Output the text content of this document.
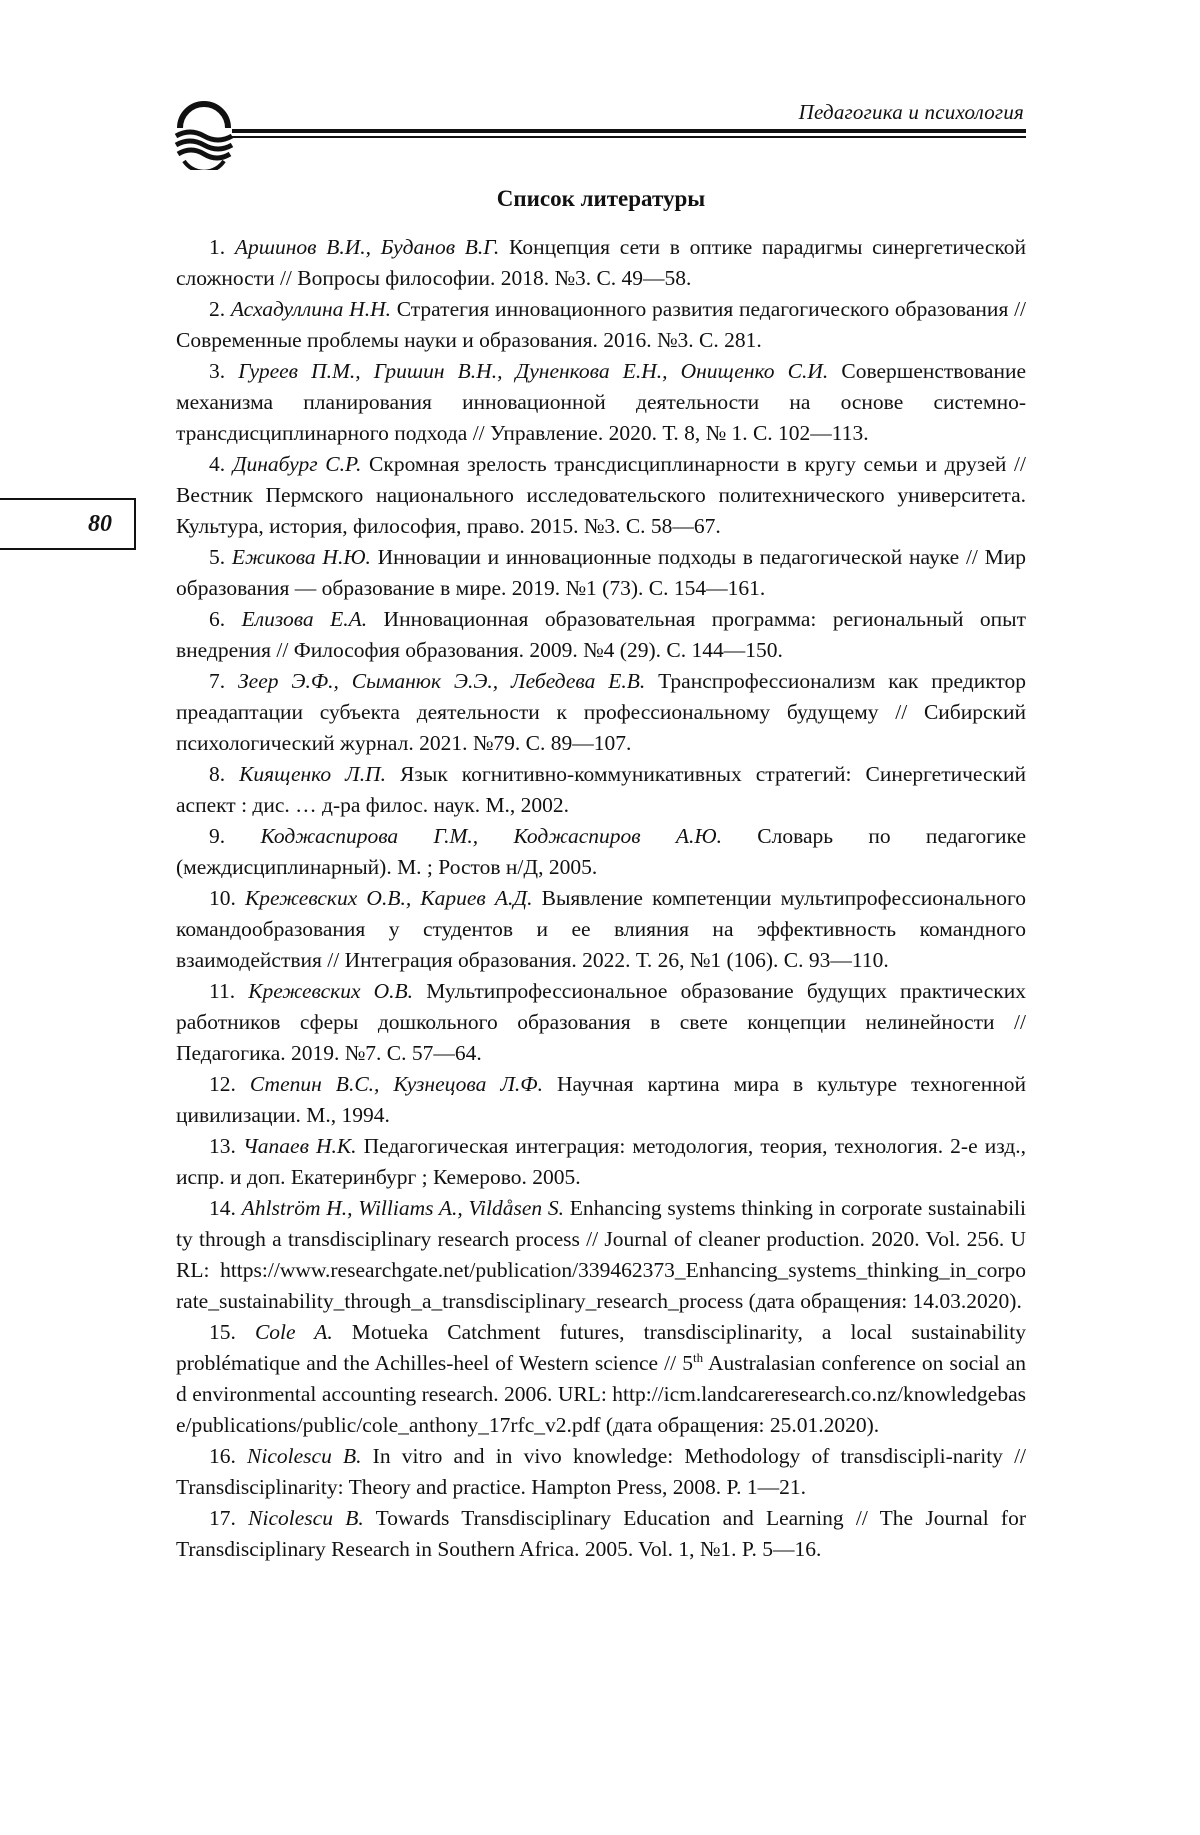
Педагогика и психология
80
Список литературы
1. Аршинов В.И., Буданов В.Г. Концепция сети в оптике парадигмы синергетической сложности // Вопросы философии. 2018. №3. С. 49—58.
2. Асхадуллина Н.Н. Стратегия инновационного развития педагогического образования // Современные проблемы науки и образования. 2016. №3. С. 281.
3. Гуреев П.М., Гришин В.Н., Дуненкова Е.Н., Онищенко С.И. Совершенствование механизма планирования инновационной деятельности на основе системно-трансдисциплинарного подхода // Управление. 2020. Т. 8, № 1. С. 102—113.
4. Динабург С.Р. Скромная зрелость трансдисциплинарности в кругу семьи и друзей // Вестник Пермского национального исследовательского политехнического университета. Культура, история, философия, право. 2015. №3. С. 58—67.
5. Ежикова Н.Ю. Инновации и инновационные подходы в педагогической науке // Мир образования — образование в мире. 2019. №1 (73). С. 154—161.
6. Елизова Е.А. Инновационная образовательная программа: региональный опыт внедрения // Философия образования. 2009. №4 (29). С. 144—150.
7. Зеер Э.Ф., Сыманюк Э.Э., Лебедева Е.В. Транспрофессионализм как предиктор преадаптации субъекта деятельности к профессиональному будущему // Сибирский психологический журнал. 2021. №79. С. 89—107.
8. Киященко Л.П. Язык когнитивно-коммуникативных стратегий: Синергетический аспект : дис. … д-ра филос. наук. М., 2002.
9. Коджаспирова Г.М., Коджаспиров А.Ю. Словарь по педагогике (междисциплинарный). М. ; Ростов н/Д, 2005.
10. Крежевских О.В., Кариев А.Д. Выявление компетенции мультипрофессионального командообразования у студентов и ее влияния на эффективность командного взаимодействия // Интеграция образования. 2022. Т. 26, №1 (106). С. 93—110.
11. Крежевских О.В. Мультипрофессиональное образование будущих практических работников сферы дошкольного образования в свете концепции нелинейности // Педагогика. 2019. №7. С. 57—64.
12. Степин В.С., Кузнецова Л.Ф. Научная картина мира в культуре техногенной цивилизации. М., 1994.
13. Чапаев Н.К. Педагогическая интеграция: методология, теория, технология. 2-е изд., испр. и доп. Екатеринбург ; Кемерово. 2005.
14. Ahlström H., Williams A., Vildåsen S. Enhancing systems thinking in corporate sustainability through a transdisciplinary research process // Journal of cleaner production. 2020. Vol. 256. URL: https://www.researchgate.net/publication/339462373_Enhancing_systems_thinking_in_corporate_sustainability_through_a_transdisciplinary_research_process (дата обращения: 14.03.2020).
15. Cole A. Motueka Catchment futures, transdisciplinarity, a local sustainability problématique and the Achilles-heel of Western science // 5th Australasian conference on social and environmental accounting research. 2006. URL: http://icm.landcareresearch.co.nz/knowledgebase/publications/public/cole_anthony_17rfc_v2.pdf (дата обращения: 25.01.2020).
16. Nicolescu B. In vitro and in vivo knowledge: Methodology of transdiscipli-narity // Transdisciplinarity: Theory and practice. Hampton Press, 2008. P. 1—21.
17. Nicolescu B. Towards Transdisciplinary Education and Learning // The Journal for Transdisciplinary Research in Southern Africa. 2005. Vol. 1, №1. P. 5—16.
